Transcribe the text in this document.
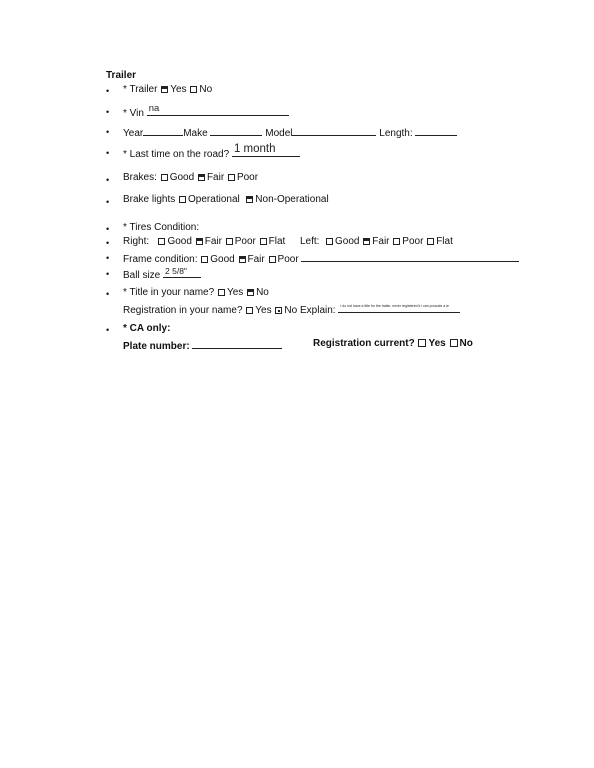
Trailer
• * Trailer Yes No
• * Vin na
• Year	Make	Model	Length:
• * Last time on the road? 1 month
• Brakes: Good Fair Poor
• Brake lights Operational Non-Operational
• * Tires Condition:
• Right: Good Fair Poor Flat Left: Good Fair Poor Flat
• Frame condition: Good Fair Poor
• Ball size 2 5/8"
• * Title in your name? Yes No
Registration in your name? Yes No Explain: I do not have a title for the trailer, never registered it i can procude a le
• * CA only:
Plate number:	Registration current? Yes No
